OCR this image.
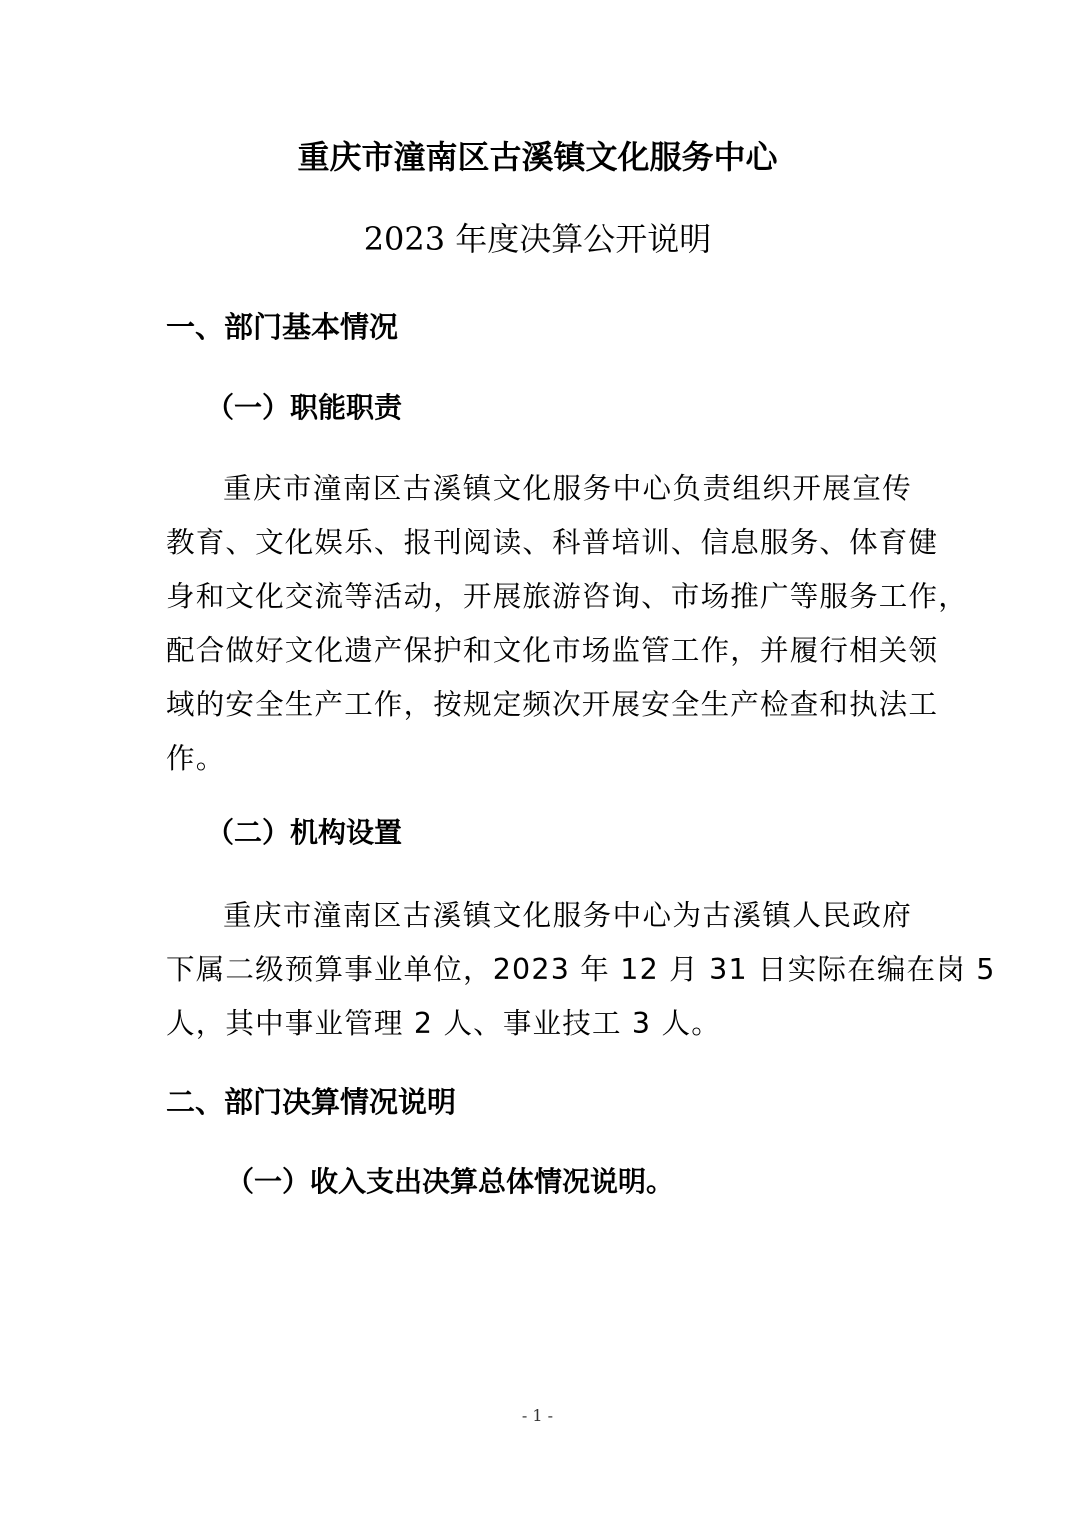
重庆市潼南区古溪镇文化服务中心
2023 年度决算公开说明
一、部门基本情况
（一）职能职责
重庆市潼南区古溪镇文化服务中心负责组织开展宣传
教育、文化娱乐、报刊阅读、科普培训、信息服务、体育健
身和文化交流等活动，开展旅游咨询、市场推广等服务工作，
配合做好文化遗产保护和文化市场监管工作，并履行相关领
域的安全生产工作，按规定频次开展安全生产检查和执法工
作。
（二）机构设置
重庆市潼南区古溪镇文化服务中心为古溪镇人民政府
下属二级预算事业单位，2023 年 12 月 31 日实际在编在岗 5
人，其中事业管理 2 人、事业技工 3 人。
二、部门决算情况说明
（一）收入支出决算总体情况说明。
- 1 -
